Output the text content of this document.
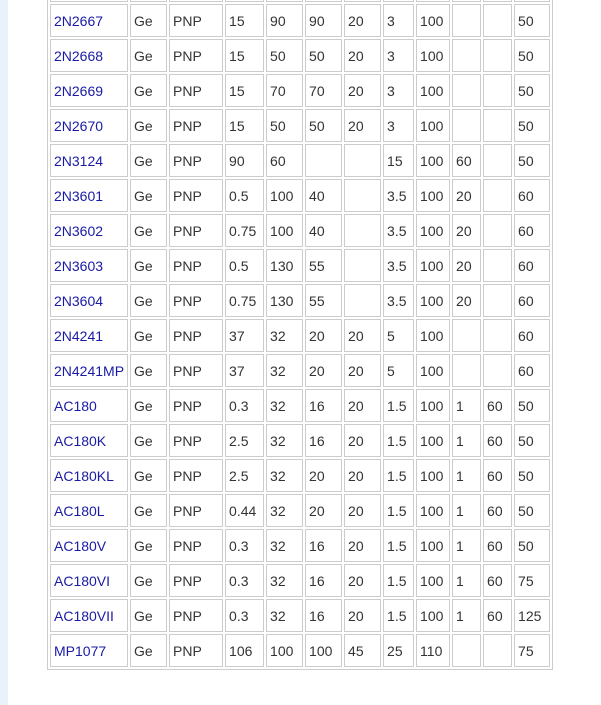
2N2667	Ge	PNP	15	90	90	20	3	100			50
2N2668	Ge	PNP	15	50	50	20	3	100			50
2N2669	Ge	PNP	15	70	70	20	3	100			50
2N2670	Ge	PNP	15	50	50	20	3	100			50
2N3124	Ge	PNP	90	60			15	100	60		50
2N3601	Ge	PNP	0.5	100	40		3.5	100	20		60
2N3602	Ge	PNP	0.75	100	40		3.5	100	20		60
2N3603	Ge	PNP	0.5	130	55		3.5	100	20		60
2N3604	Ge	PNP	0.75	130	55		3.5	100	20		60
2N4241	Ge	PNP	37	32	20	20	5	100			60
2N4241MP	Ge	PNP	37	32	20	20	5	100			60
AC180	Ge	PNP	0.3	32	16	20	1.5	100	1	60	50
AC180K	Ge	PNP	2.5	32	16	20	1.5	100	1	60	50
AC180KL	Ge	PNP	2.5	32	20	20	1.5	100	1	60	50
AC180L	Ge	PNP	0.44	32	20	20	1.5	100	1	60	50
AC180V	Ge	PNP	0.3	32	16	20	1.5	100	1	60	50
AC180VI	Ge	PNP	0.3	32	16	20	1.5	100	1	60	75
AC180VII	Ge	PNP	0.3	32	16	20	1.5	100	1	60	125
MP1077	Ge	PNP	106	100	100	45	25	110			75
